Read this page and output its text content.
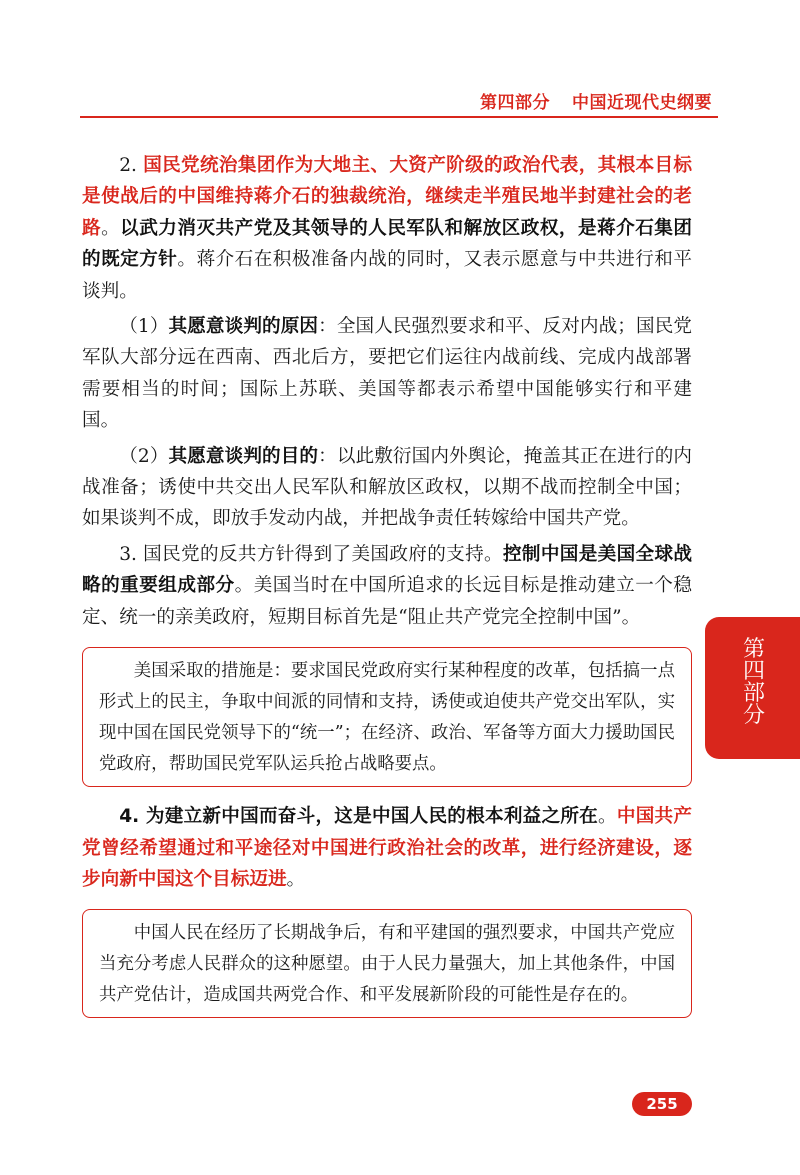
第四部分 中国近现代史纲要

2. 国民党统治集团作为大地主、大资产阶级的政治代表，其根本目标是使战后的中国维持蒋介石的独裁统治，继续走半殖民地半封建社会的老路。以武力消灭共产党及其领导的人民军队和解放区政权，是蒋介石集团的既定方针。蒋介石在积极准备内战的同时，又表示愿意与中共进行和平谈判。

（1）其愿意谈判的原因：全国人民强烈要求和平、反对内战；国民党军队大部分远在西南、西北后方，要把它们运往内战前线、完成内战部署需要相当的时间；国际上苏联、美国等都表示希望中国能够实行和平建国。

（2）其愿意谈判的目的：以此敷衍国内外舆论，掩盖其正在进行的内战准备；诱使中共交出人民军队和解放区政权，以期不战而控制全中国；如果谈判不成，即放手发动内战，并把战争责任转嫁给中国共产党。

3. 国民党的反共方针得到了美国政府的支持。控制中国是美国全球战略的重要组成部分。美国当时在中国所追求的长远目标是推动建立一个稳定、统一的亲美政府，短期目标首先是“阻止共产党完全控制中国”。

美国采取的措施是：要求国民党政府实行某种程度的改革，包括搞一点形式上的民主，争取中间派的同情和支持，诱使或迫使共产党交出军队，实现中国在国民党领导下的“统一”；在经济、政治、军备等方面大力援助国民党政府，帮助国民党军队运兵抢占战略要点。

4. 为建立新中国而奋斗，这是中国人民的根本利益之所在。中国共产党曾经希望通过和平途径对中国进行政治社会的改革，进行经济建设，逐步向新中国这个目标迈进。

中国人民在经历了长期战争后，有和平建国的强烈要求，中国共产党应当充分考虑人民群众的这种愿望。由于人民力量强大，加上其他条件，中国共产党估计，造成国共两党合作、和平发展新阶段的可能性是存在的。

第
四
部
分
255
